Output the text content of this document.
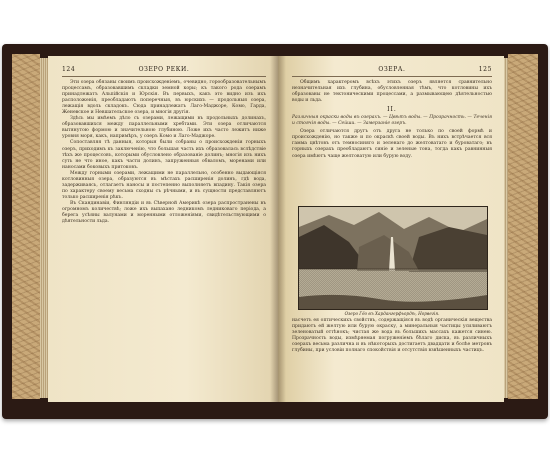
124	ОЗЕРО РЕКИ.

Эти озера обязаны своимъ происхожденіемъ, очевидно, горообразовательнымъ процессамъ, образовавшимъ складки земной коры; къ такого рода озерамъ принадлежатъ Альпійскія и Юрскія. Въ первыхъ, какъ это видно изъ ихъ расположенія, преобладаютъ поперечныя, въ юрскихъ — продольныя озера, лежащія вдоль складокъ. Сюда принадлежатъ Лаго-Маджоре, Комо, Гарда, Женевское и Невшательское озера, и многія другія.

Здѣсь мы имѣемъ дѣло съ озерами, лежащими въ продольныхъ долинахъ, образовавшихся между параллельными хребтами. Эти озера отличаются вытянутою формою и значительною глубиною. Ложе ихъ часто лежитъ ниже уровня моря, какъ, напримѣръ, у озеръ Комо и Лаго-Маджоре.

Сопоставляя тѣ данныя, которыя были собраны о происхожденіи горныхъ озеръ, приходимъ къ заключенію, что большая часть ихъ образовалась вслѣдствіе тѣхъ же процессовъ, которыми обусловлено образованіе долинъ; многія изъ нихъ суть не что иное, какъ части долинъ, запруженныя обваломъ, моренами или наносами боковыхъ притоковъ.

Между горными озерами, лежащими не параллельно, особенно выдающіяся котловинныя озера, образуются въ мѣстахъ расширенія долинъ, гдѣ вода, задерживаясь, отлагаетъ наносы и постепенно выполняетъ впадину. Такія озера по характеру своему весьма сходны съ рѣчными, и въ сущности представляютъ только расширенія рѣкъ.

Въ Скандинавіи, Финляндіи и въ Сѣверной Америкѣ озера распространены въ огромномъ количествѣ; ложе ихъ выпахано ледникомъ ледниковаго періода, а берега усѣяны валунами и моренными отложеніями, свидѣтельствующими о дѣятельности льда.

ОЗЕРА.	125

Общимъ характеромъ всѣхъ этихъ озеръ является сравнительно незначительная ихъ глубина, обусловленная тѣмъ, что котловины ихъ образованы не тектоническими процессами, а размывающею дѣятельностью воды и льда.

II.
Различныя окраски воды въ озерахъ. — Цвѣтъ воды. — Прозрачность. — Теченія и стоячія воды. — Сейши. — Замерзаніе озеръ.

Озера отличаются другъ отъ друга не только по своей формѣ и происхожденію, но также и по окраскѣ своей воды. Въ нихъ встрѣчается вся гамма цвѣтовъ отъ темносиняго и зеленаго до желтоватаго и буроватаго; въ горныхъ озерахъ преобладаютъ синіе и зеленые тона, тогда какъ равнинныя озера имѣютъ чаще желтоватую или бурую воду.

Озеро Гёо въ Хардангерфьордѣ, Норвегія.

насчетъ ея оптическихъ свойствъ, содержащіяся въ водѣ органическія вещества придаютъ ей желтую или бурую окраску, а минеральныя частицы усиливаютъ зеленоватый оттѣнокъ; чистая же вода въ большихъ массахъ кажется синею. Прозрачность воды, измѣряемая погруженіемъ бѣлаго диска, въ различныхъ озерахъ весьма различна и въ нѣкоторыхъ достигаетъ двадцати и болѣе метровъ глубины, при условіи полнаго спокойствія и отсутствія взвѣшенныхъ частицъ.
